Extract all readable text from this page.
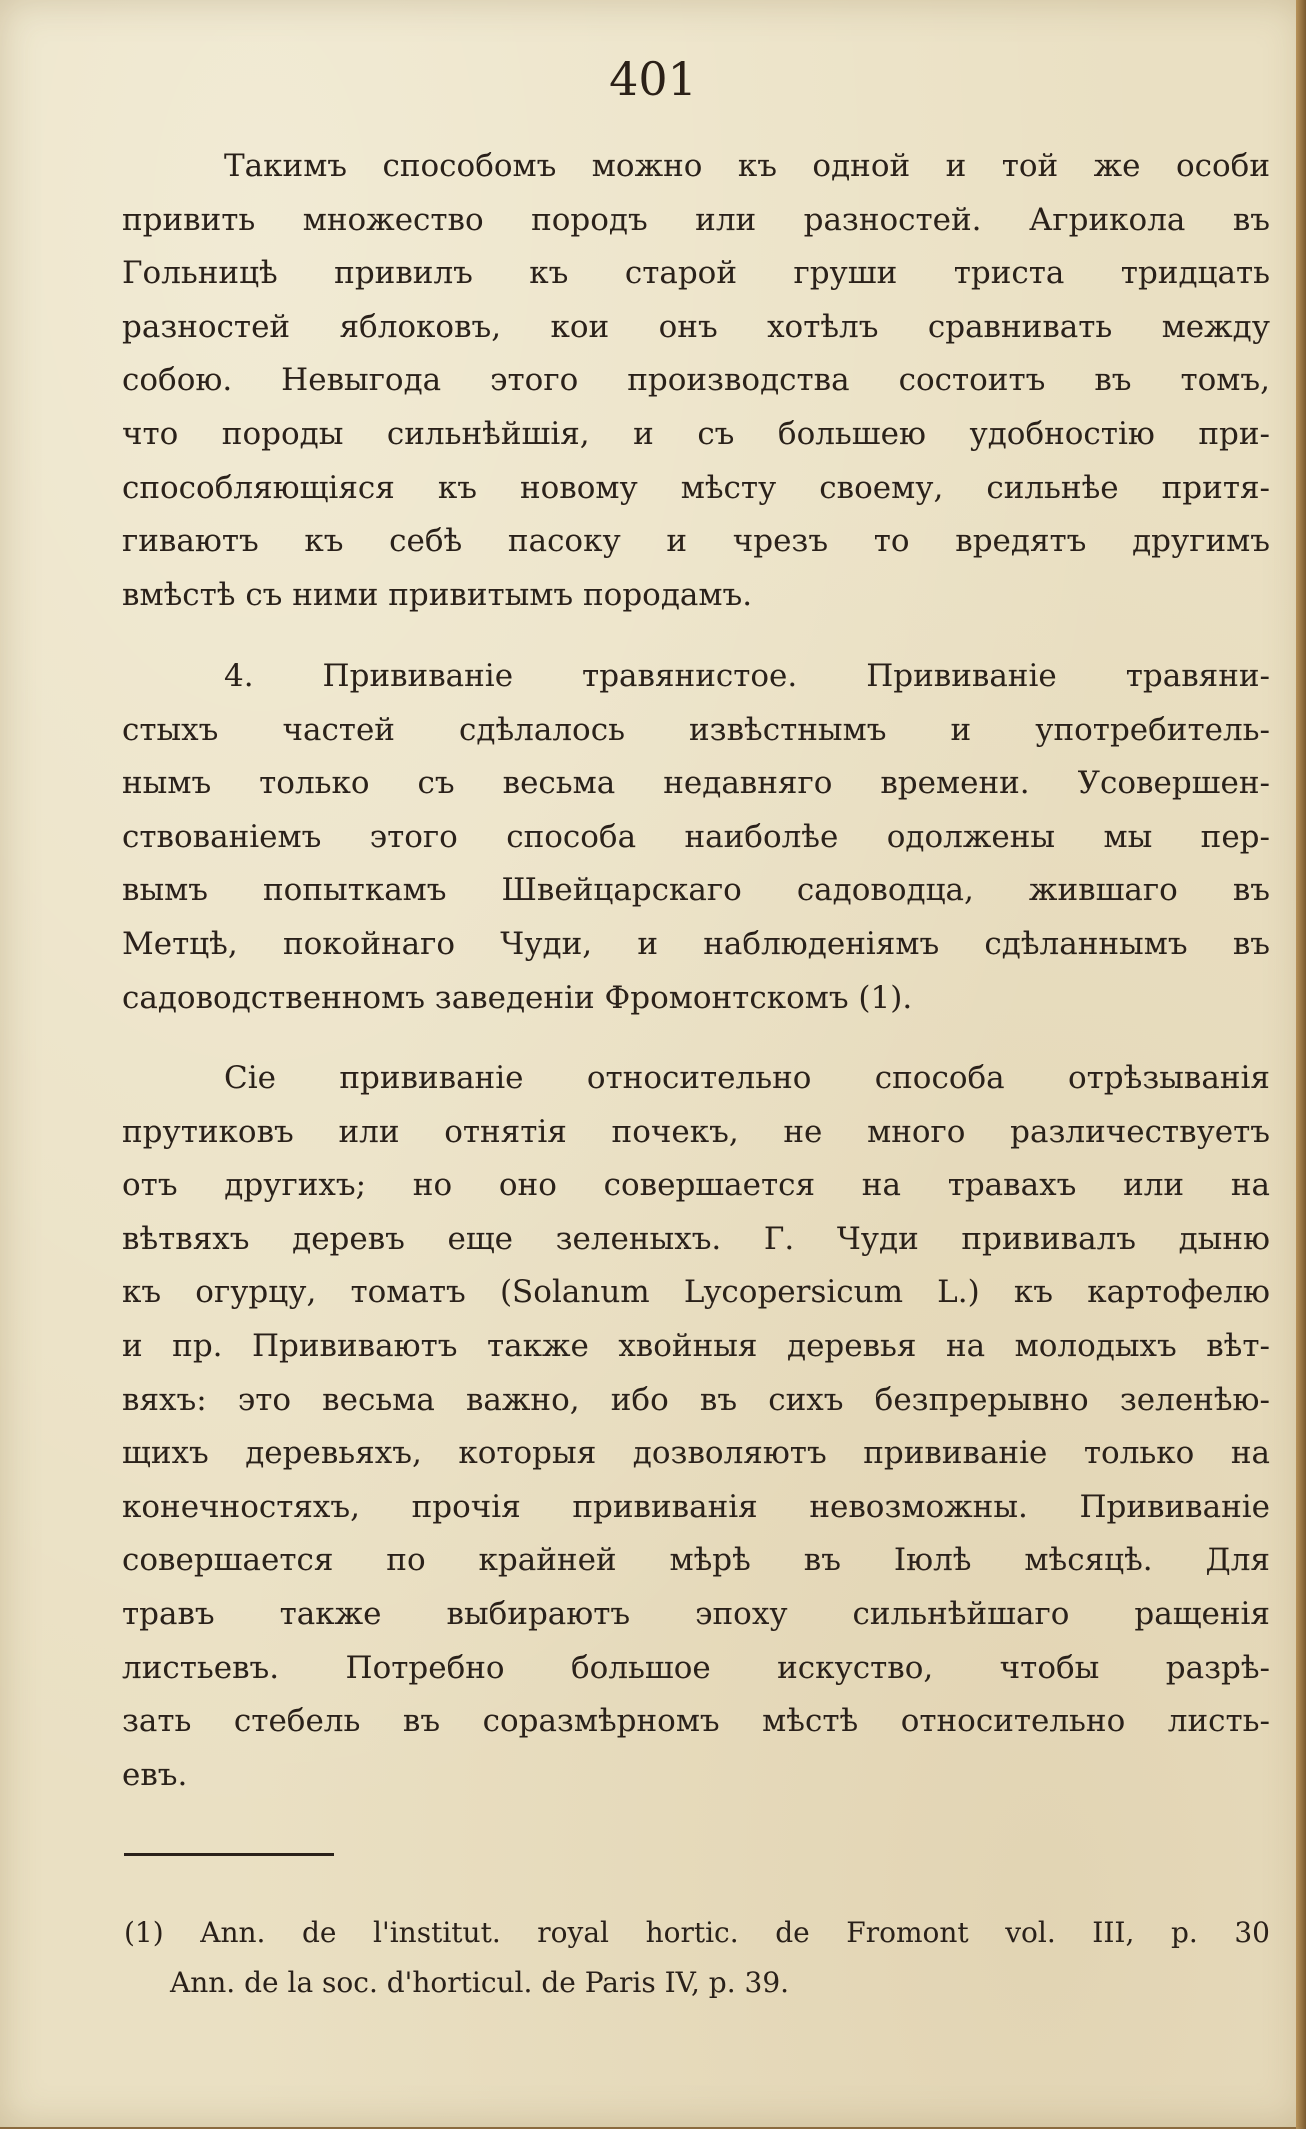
401
Такимъ способомъ можно къ одной и той же особи
привить множество породъ или разностей. Агрикола въ
Гольницѣ привилъ къ старой груши триста тридцать
разностей яблоковъ, кои онъ хотѣлъ сравнивать между
собою. Невыгода этого производства состоитъ въ томъ,
что породы сильнѣйшія, и съ большею удобностію при-
способляющіяся къ новому мѣсту своему, сильнѣе притя-
гиваютъ къ себѣ пасоку и чрезъ то вредятъ другимъ
вмѣстѣ съ ними привитымъ породамъ.
4. Прививаніе травянистое. Прививаніе травяни-
стыхъ частей сдѣлалось извѣстнымъ и употребитель-
нымъ только съ весьма недавняго времени. Усовершен-
ствованіемъ этого способа наиболѣе одолжены мы пер-
вымъ попыткамъ Швейцарскаго садоводца, жившаго въ
Метцѣ, покойнаго Чуди, и наблюденіямъ сдѣланнымъ въ
садоводственномъ заведеніи Фромонтскомъ (1).
Сіе прививаніе относительно способа отрѣзыванія
прутиковъ или отнятія почекъ, не много различествуетъ
отъ другихъ; но оно совершается на травахъ или на
вѣтвяхъ деревъ еще зеленыхъ. Г. Чуди прививалъ дыню
къ огурцу, томатъ (Solanum Lycopersicum L.) къ картофелю
и пр. Прививаютъ также хвойныя деревья на молодыхъ вѣт-
вяхъ: это весьма важно, ибо въ сихъ безпрерывно зеленѣю-
щихъ деревьяхъ, которыя дозволяютъ прививаніе только на
конечностяхъ, прочія прививанія невозможны. Прививаніе
совершается по крайней мѣрѣ въ Іюлѣ мѣсяцѣ. Для
травъ также выбираютъ эпоху сильнѣйшаго ращенія
листьевъ. Потребно большое искуство, чтобы разрѣ-
зать стебель въ соразмѣрномъ мѣстѣ относительно листь-
евъ.
(1) Ann. de l'institut. royal hortic. de Fromont vol. III, p. 30
Ann. de la soc. d'horticul. de Paris IV, p. 39.
